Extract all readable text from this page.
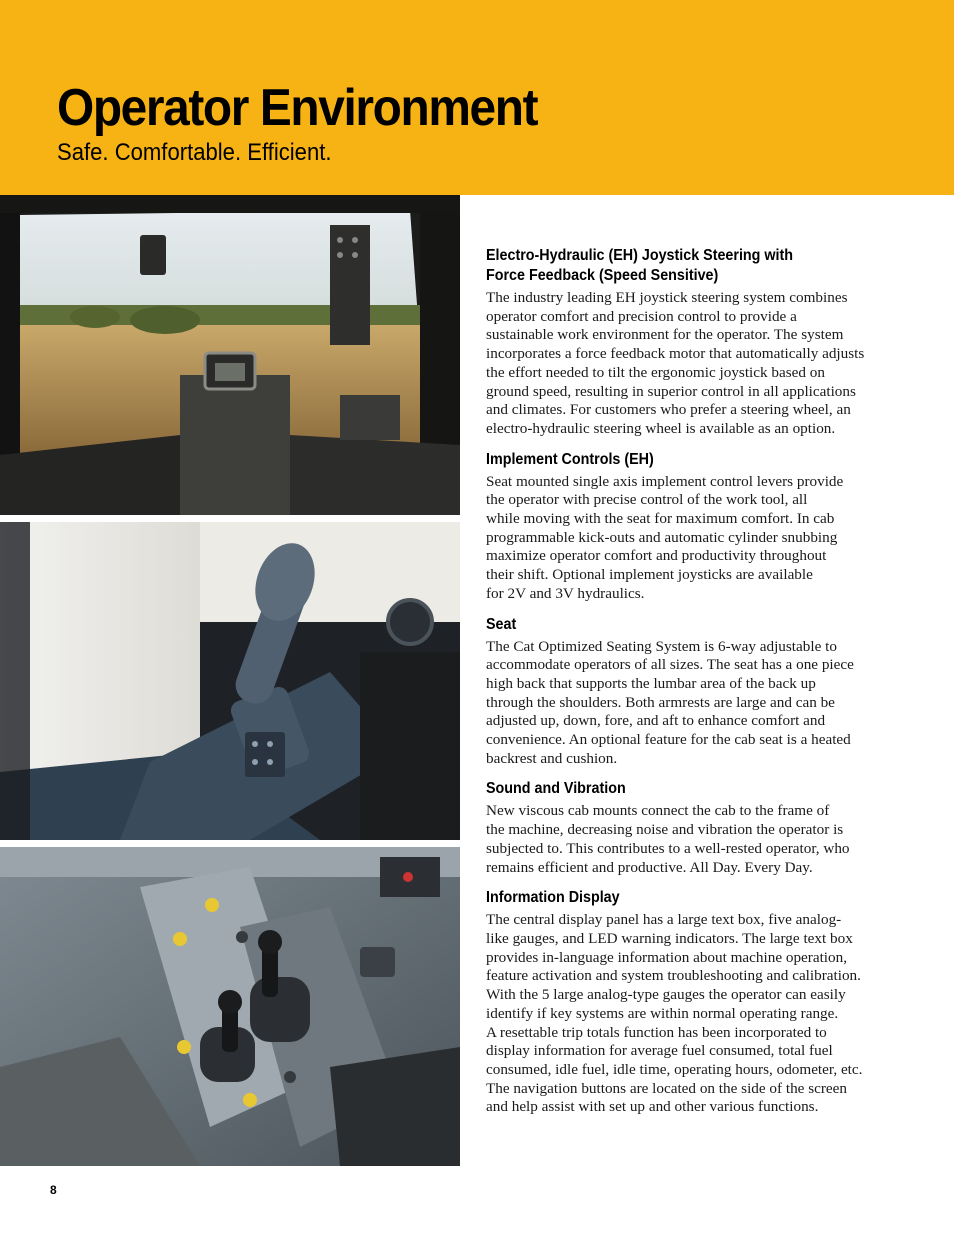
Operator Environment
Safe. Comfortable. Efficient.
Electro-Hydraulic (EH) Joystick Steering with
Force Feedback (Speed Sensitive)

The industry leading EH joystick steering system combines
operator comfort and precision control to provide a
sustainable work environment for the operator. The system
incorporates a force feedback motor that automatically adjusts
the effort needed to tilt the ergonomic joystick based on
ground speed, resulting in superior control in all applications
and climates. For customers who prefer a steering wheel, an
electro-hydraulic steering wheel is available as an option.

Implement Controls (EH)

Seat mounted single axis implement control levers provide
the operator with precise control of the work tool, all
while moving with the seat for maximum comfort. In cab
programmable kick-outs and automatic cylinder snubbing
maximize operator comfort and productivity throughout
their shift. Optional implement joysticks are available
for 2V and 3V hydraulics.

Seat

The Cat Optimized Seating System is 6-way adjustable to
accommodate operators of all sizes. The seat has a one piece
high back that supports the lumbar area of the back up
through the shoulders. Both armrests are large and can be
adjusted up, down, fore, and aft to enhance comfort and
convenience. An optional feature for the cab seat is a heated
backrest and cushion.

Sound and Vibration

New viscous cab mounts connect the cab to the frame of
the machine, decreasing noise and vibration the operator is
subjected to. This contributes to a well-rested operator, who
remains efficient and productive. All Day. Every Day.

Information Display

The central display panel has a large text box, five analog-
like gauges, and LED warning indicators. The large text box
provides in-language information about machine operation,
feature activation and system troubleshooting and calibration.
With the 5 large analog-type gauges the operator can easily
identify if key systems are within normal operating range.
A resettable trip totals function has been incorporated to
display information for average fuel consumed, total fuel
consumed, idle fuel, idle time, operating hours, odometer, etc.
The navigation buttons are located on the side of the screen
and help assist with set up and other various functions.

8
